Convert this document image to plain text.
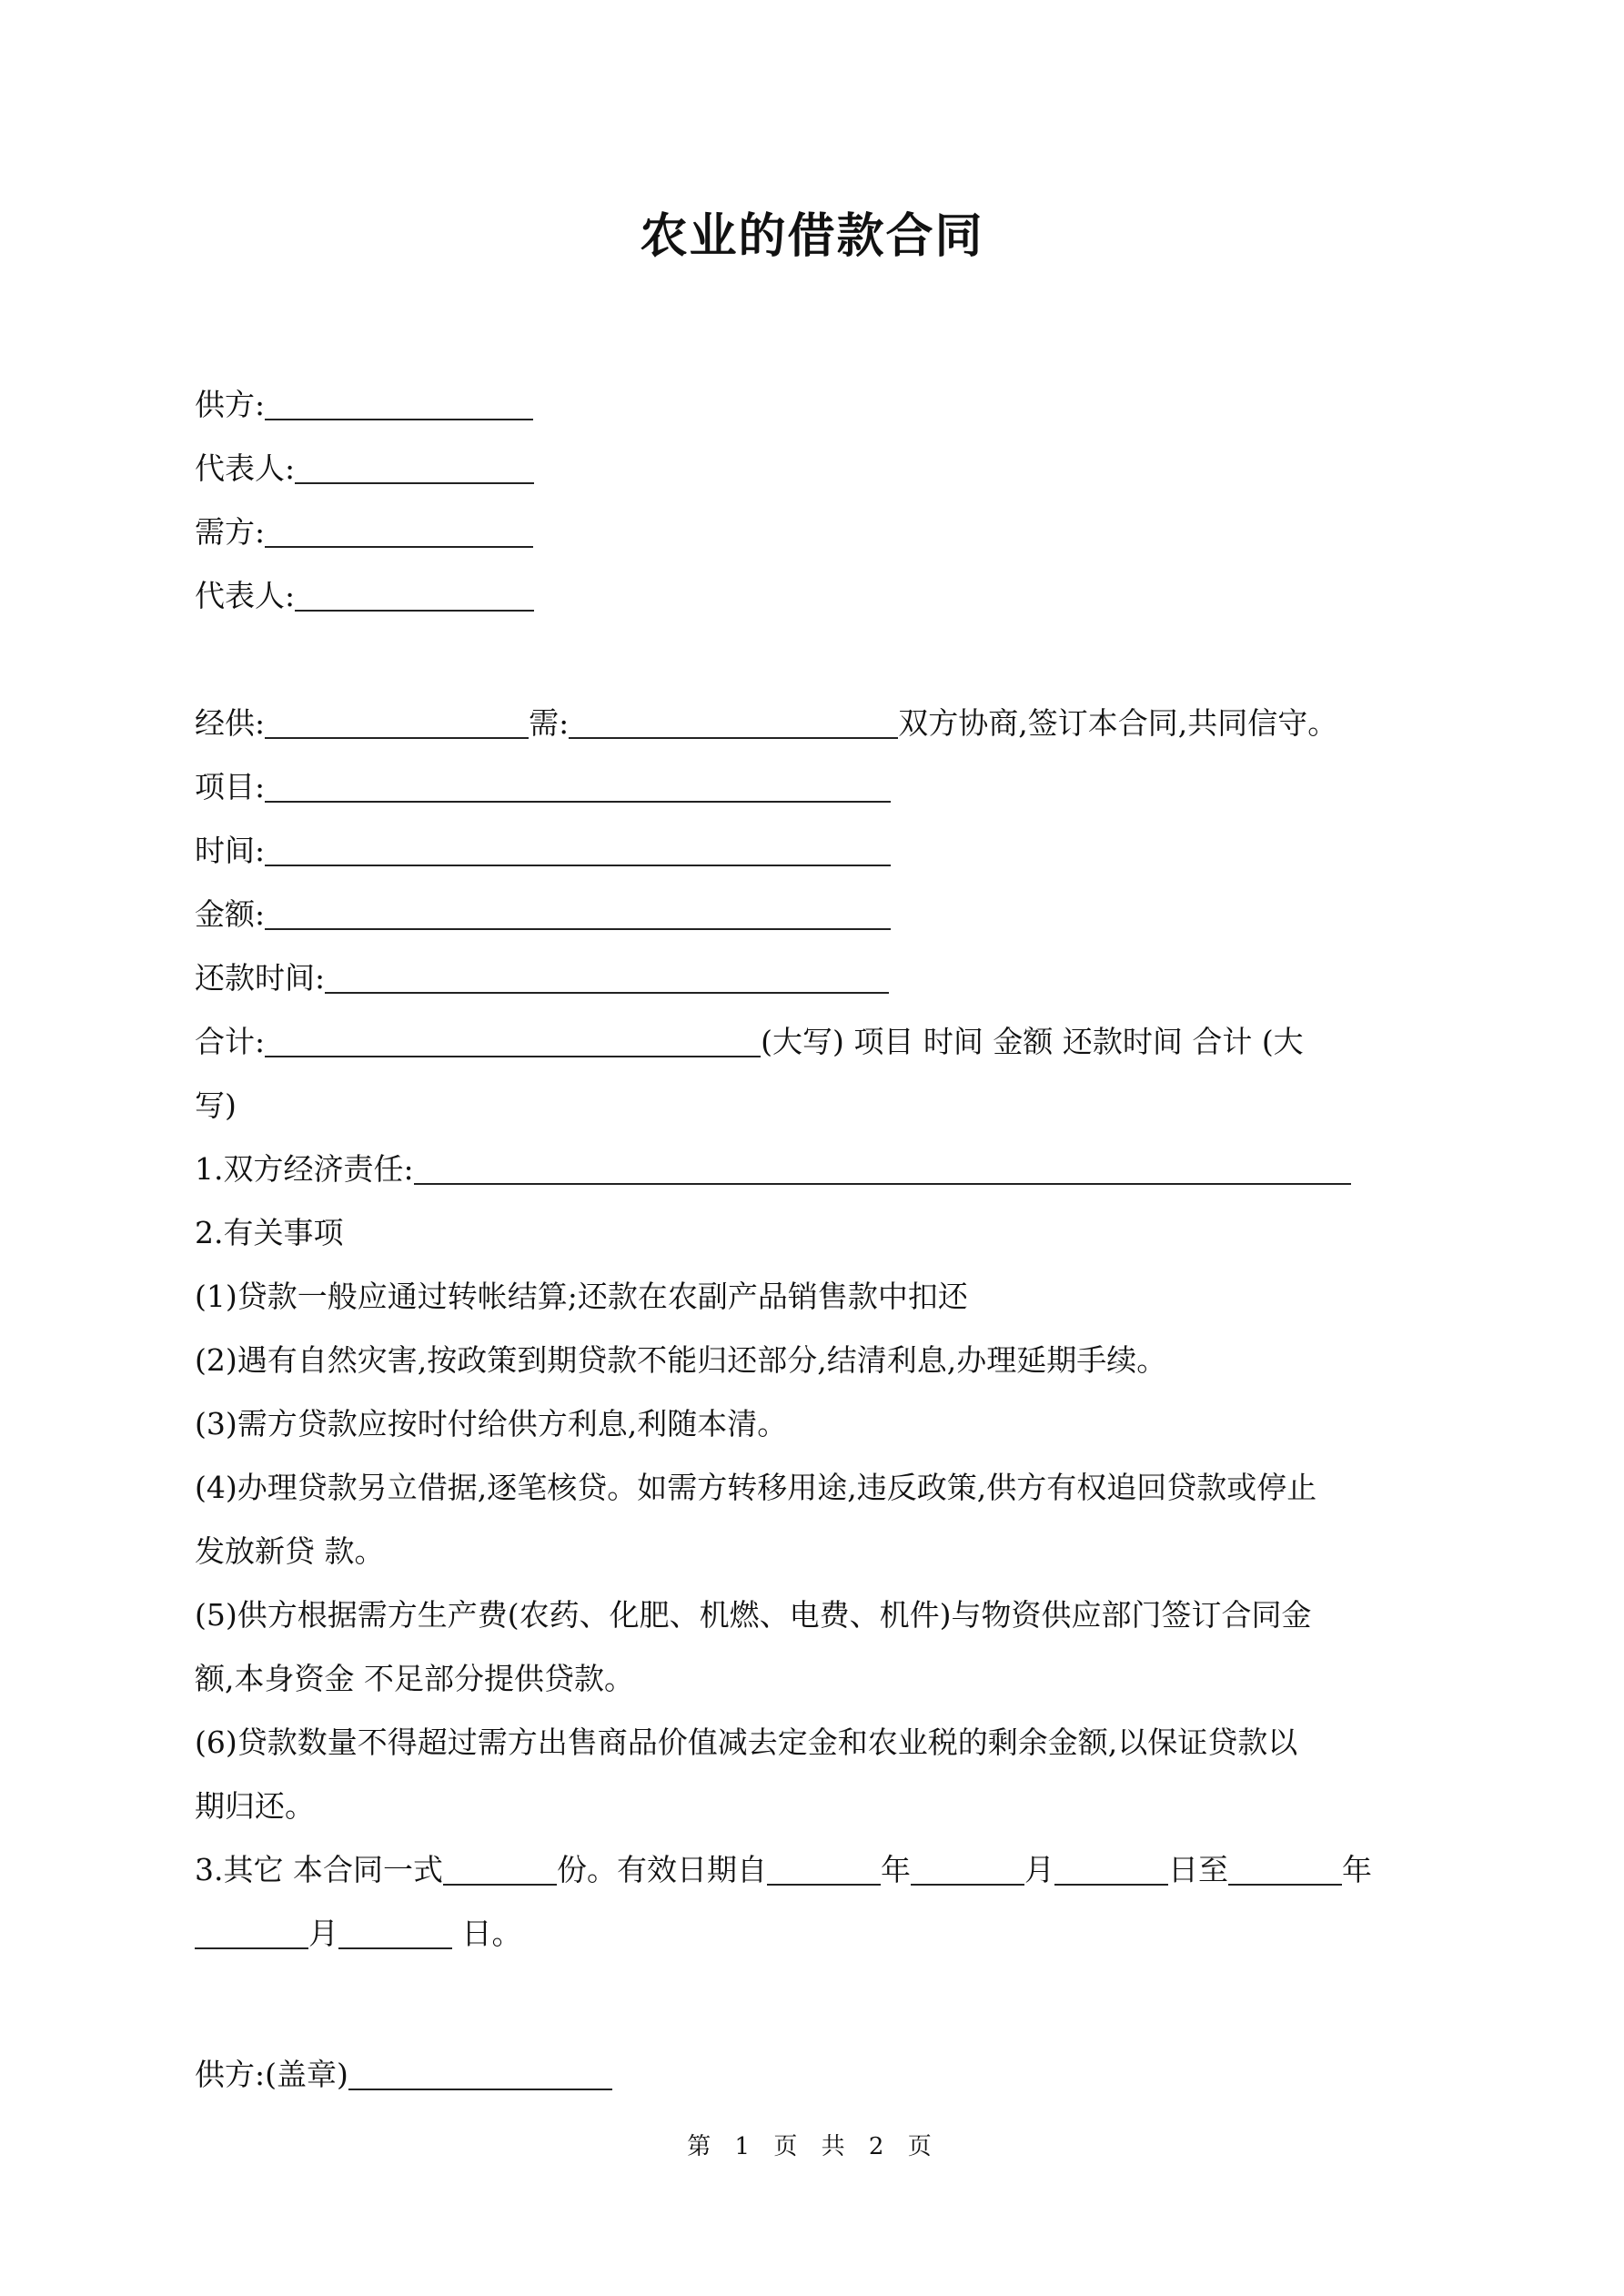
农业的借款合同
供方:
代表人:
需方:
代表人:
经供:	需:	双方协商,签订本合同,共同信守。
项目:
时间:
金额:
还款时间:
合计:	(大写) 项目 时间 金额 还款时间 合计 (大
写)
1.双方经济责任:
2.有关事项
(1)贷款一般应通过转帐结算;还款在农副产品销售款中扣还
(2)遇有自然灾害,按政策到期贷款不能归还部分,结清利息,办理延期手续。
(3)需方贷款应按时付给供方利息,利随本清。
(4)办理贷款另立借据,逐笔核贷。如需方转移用途,违反政策,供方有权追回贷款或停止
发放新贷 款。
(5)供方根据需方生产费(农药、化肥、机燃、电费、机件)与物资供应部门签订合同金
额,本身资金 不足部分提供贷款。
(6)贷款数量不得超过需方出售商品价值减去定金和农业税的剩余金额,以保证贷款以
期归还。
3.其它 本合同一式	份。有效日期自	年	月	日至	年
月	日。
供方:(盖章)
第 1 页 共 2 页
